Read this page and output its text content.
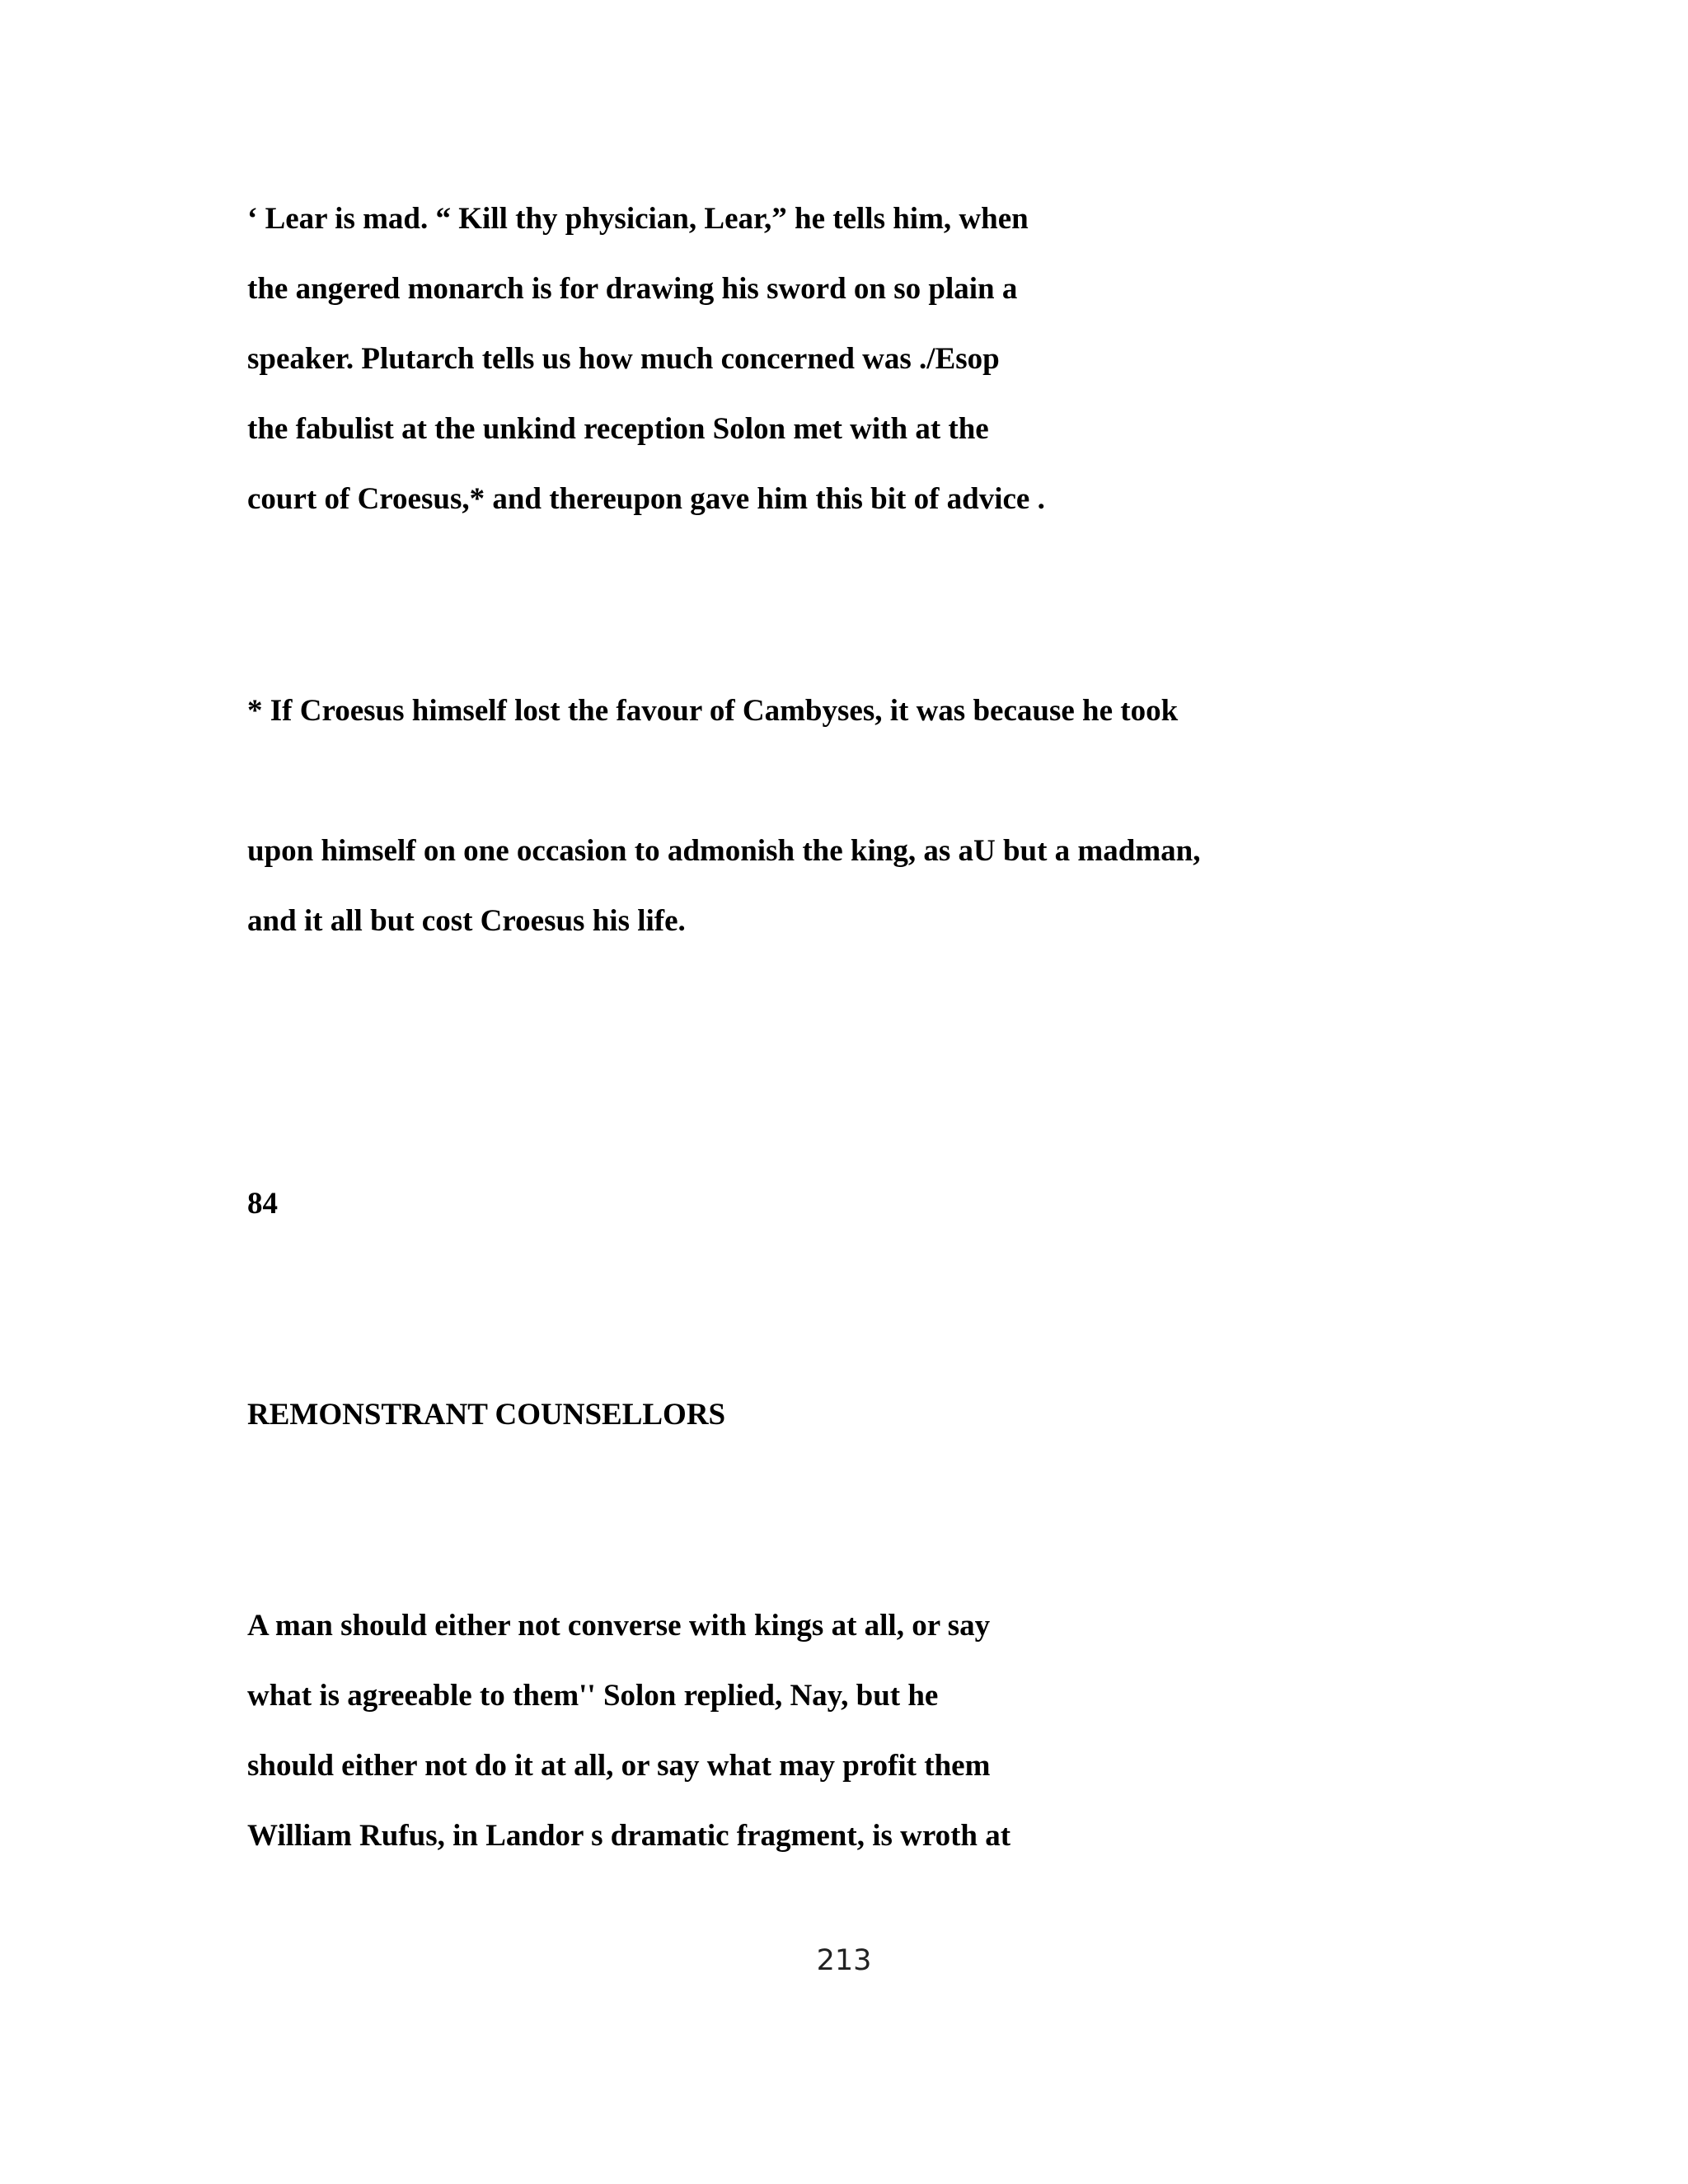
‘ Lear is mad. “ Kill thy physician, Lear,” he tells him, when
the angered monarch is for drawing his sword on so plain a
speaker. Plutarch tells us how much concerned was ./Esop
the fabulist at the unkind reception Solon met with at the
court of Croesus,* and thereupon gave him this bit of advice .
* If Croesus himself lost the favour of Cambyses, it was because he took
upon himself on one occasion to admonish the king, as aU but a madman,
and it all but cost Croesus his life.
84
REMONSTRANT COUNSELLORS
A man should either not converse with kings at all, or say
what is agreeable to them'' Solon replied, Nay, but he
should either not do it at all, or say what may profit them
William Rufus, in Landor s dramatic fragment, is wroth at
213
